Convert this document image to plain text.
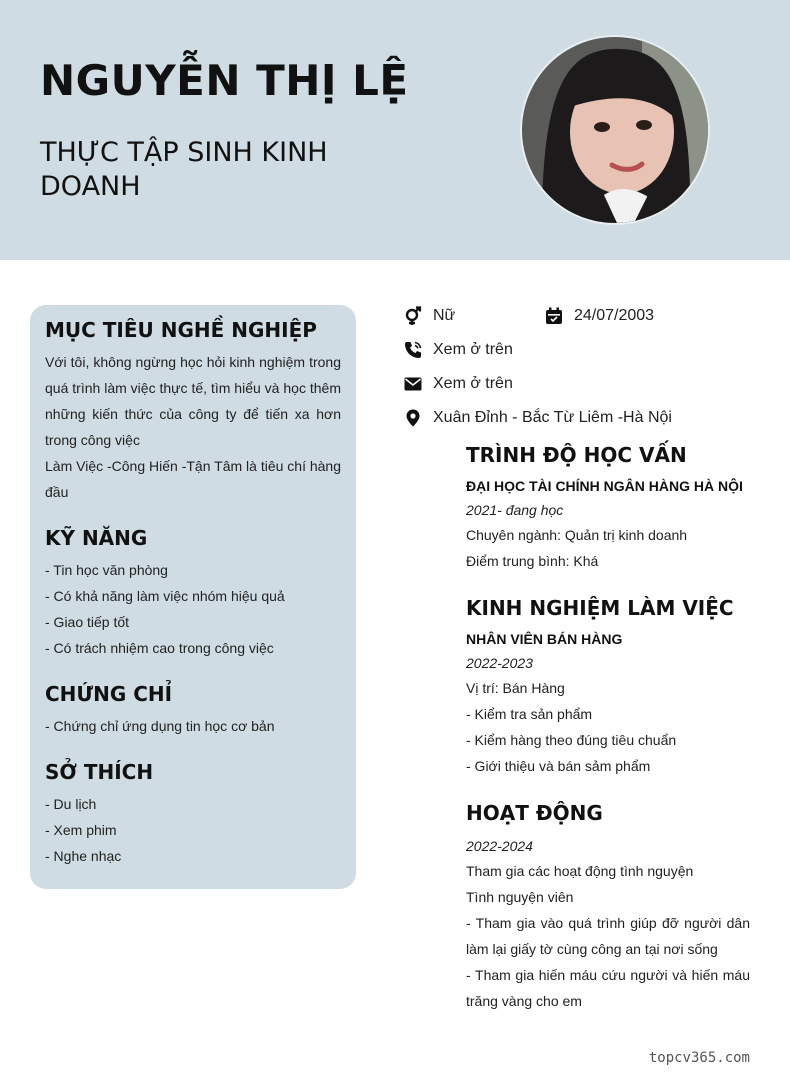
NGUYỄN THỊ LỆ
THỰC TẬP SINH KINH DOANH
MỤC TIÊU NGHỀ NGHIỆP

Với tôi, không ngừng học hỏi kinh nghiệm trong quá trình làm việc thực tế, tìm hiểu và học thêm những kiến thức của công ty để tiến xa hơn trong công việc

Làm Việc -Công Hiến -Tận Tâm là tiêu chí hàng đầu

KỸ NĂNG
- Tin học văn phòng
- Có khả năng làm việc nhóm hiệu quả
- Giao tiếp tốt
- Có trách nhiệm cao trong công việc
CHỨNG CHỈ
- Chứng chỉ ứng dụng tin học cơ bản
SỞ THÍCH
- Du lịch
- Xem phim
- Nghe nhạc
Nữ	24/07/2003
Xem ở trên
Xem ở trên
Xuân Đỉnh - Bắc Từ Liêm -Hà Nội
TRÌNH ĐỘ HỌC VẤN

ĐẠI HỌC TÀI CHÍNH NGÂN HÀNG HÀ NỘI

2021- đang học

Chuyên ngành: Quản trị kinh doanh

Điểm trung bình: Khá

KINH NGHIỆM LÀM VIỆC

NHÂN VIÊN BÁN HÀNG

2022-2023

Vị trí: Bán Hàng

- Kiểm tra sản phẩm
- Kiểm hàng theo đúng tiêu chuẩn
- Giới thiệu và bán sảm phẩm
HOẠT ĐỘNG

2022-2024

Tham gia các hoạt động tình nguyện

Tình nguyện viên

- Tham gia vào quá trình giúp đỡ người dân làm lại giấy tờ cùng công an tại nơi sống
- Tham gia hiến máu cứu người và hiến máu trăng vàng cho em
topcv365.com
